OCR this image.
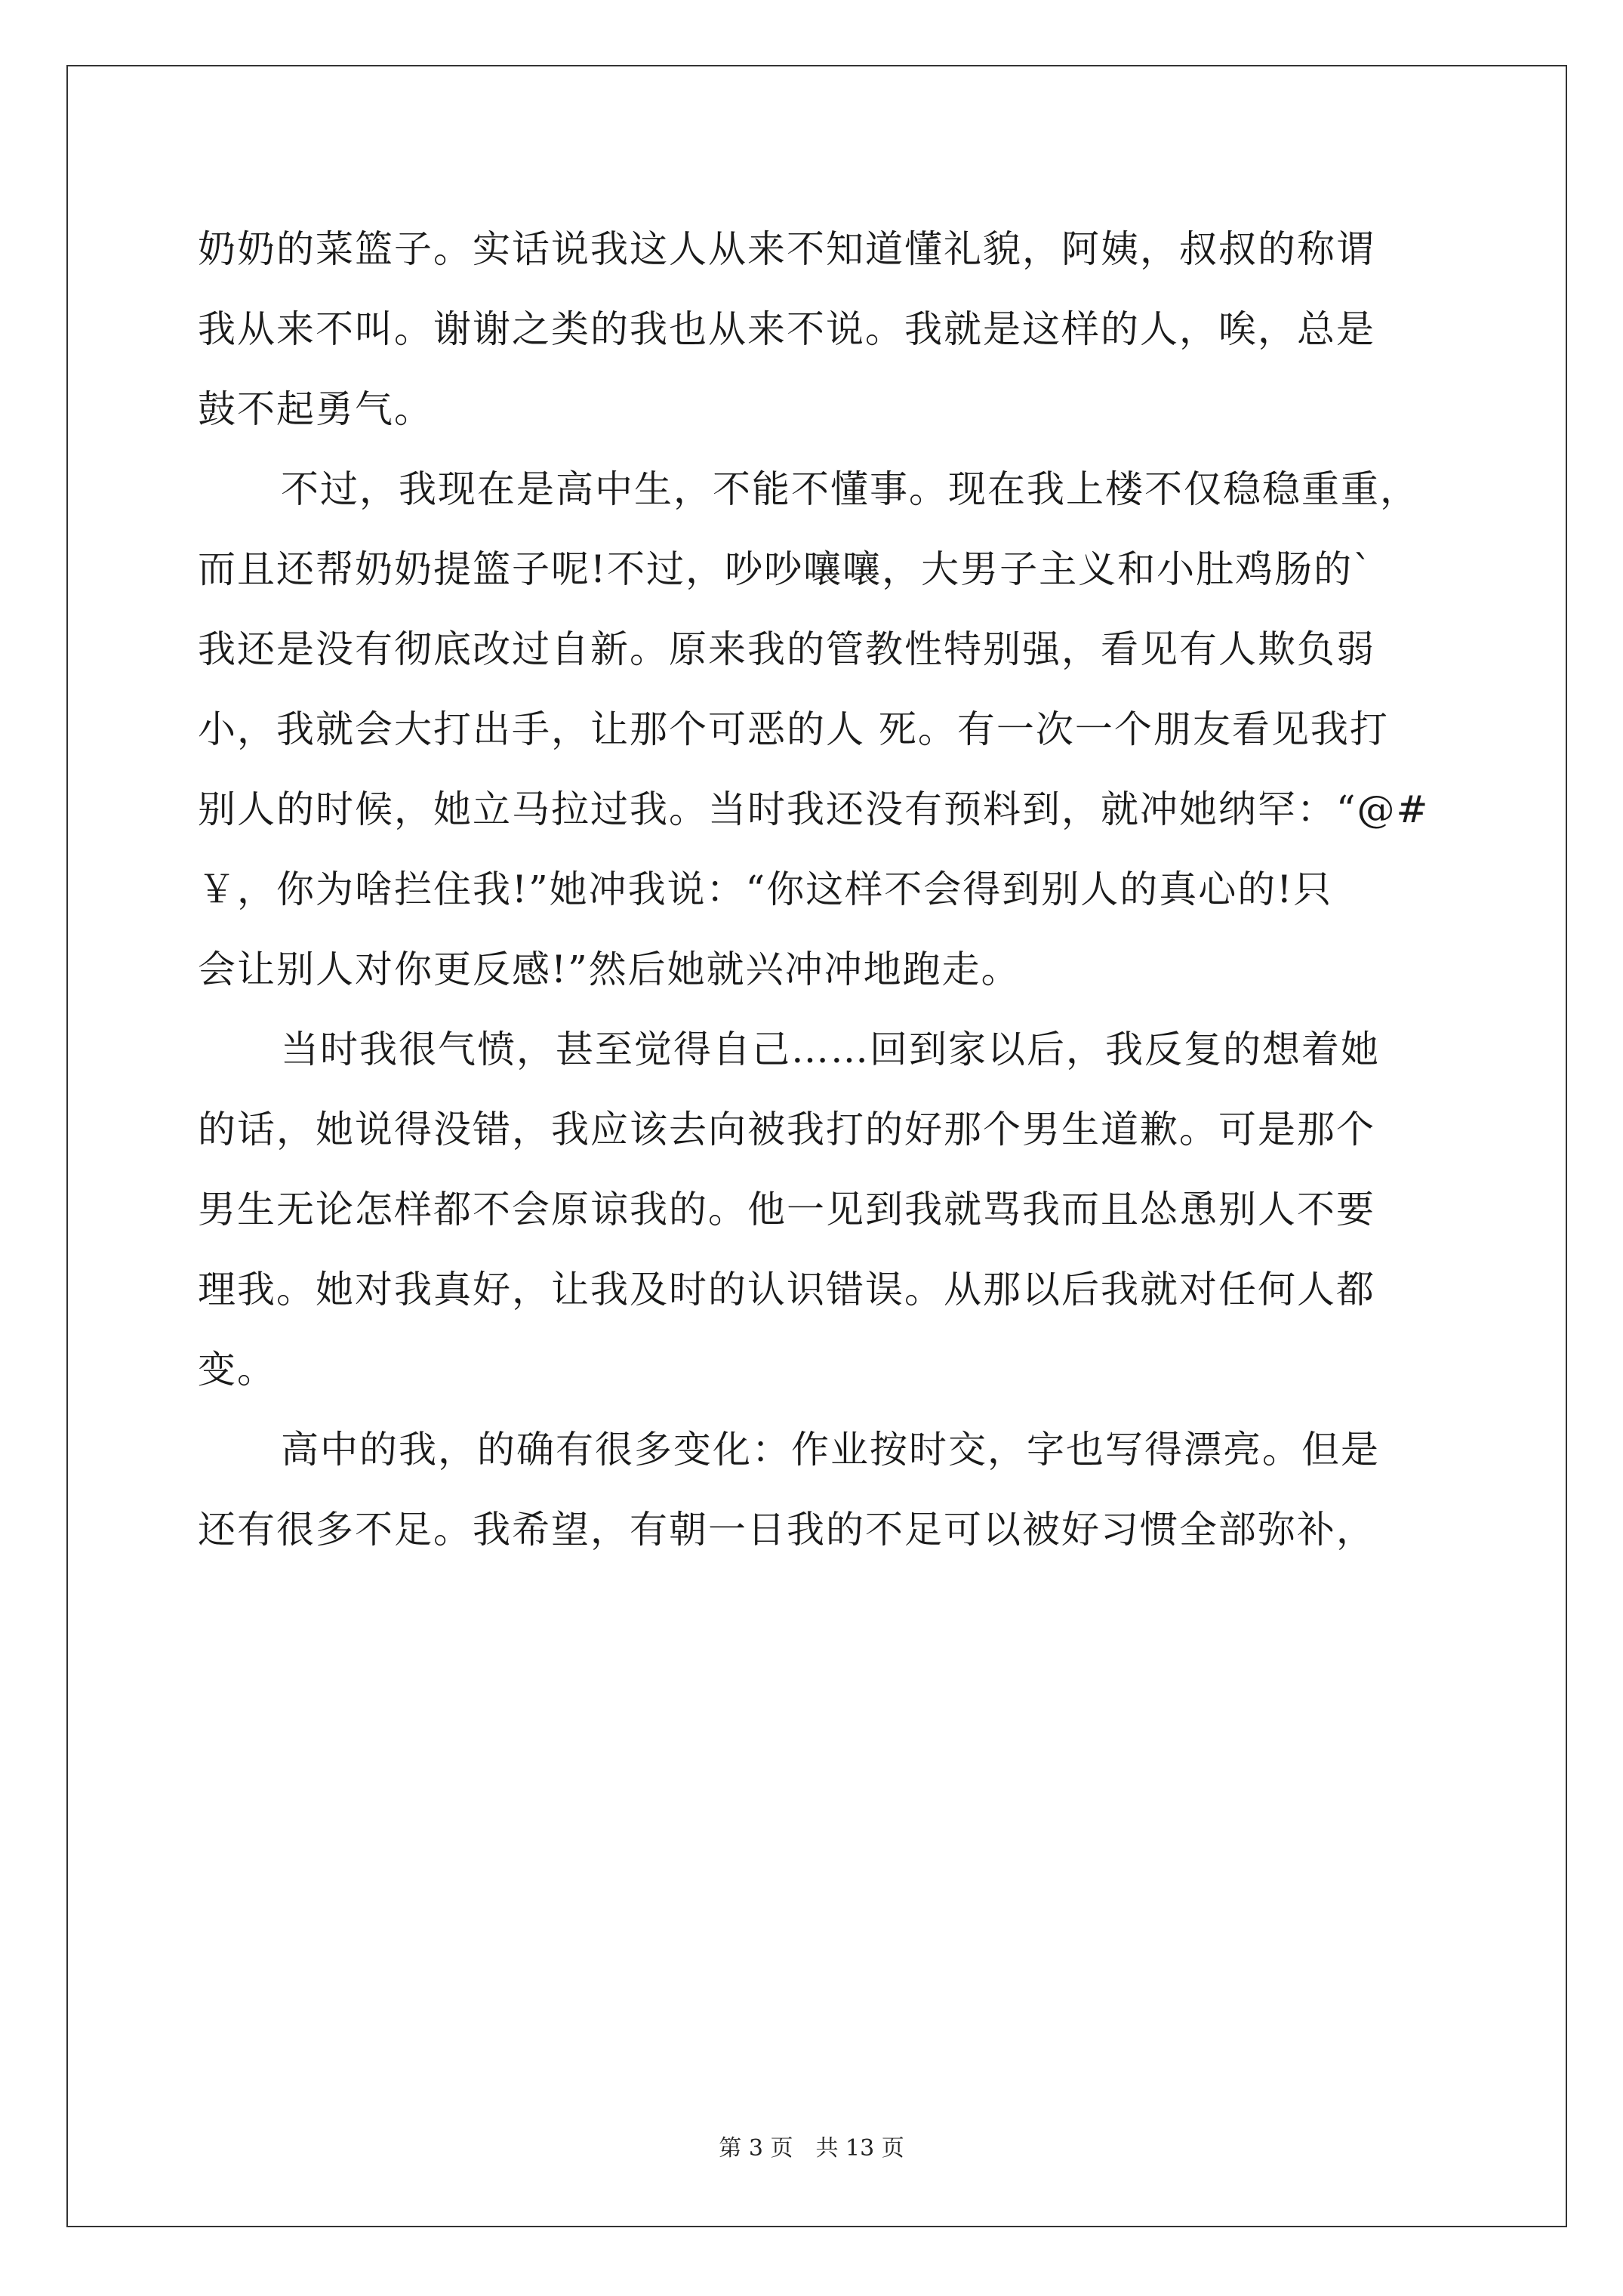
奶奶的菜篮子。实话说我这人从来不知道懂礼貌，阿姨，叔叔的称谓
我从来不叫。谢谢之类的我也从来不说。我就是这样的人，唉，总是
鼓不起勇气。
不过，我现在是高中生，不能不懂事。现在我上楼不仅稳稳重重，
而且还帮奶奶提篮子呢!不过，吵吵嚷嚷，大男子主义和小肚鸡肠的`
我还是没有彻底改过自新。原来我的管教性特别强，看见有人欺负弱
小，我就会大打出手，让那个可恶的人 死。有一次一个朋友看见我打
别人的时候，她立马拉过我。当时我还没有预料到，就冲她纳罕：“@#
￥，你为啥拦住我!”她冲我说：“你这样不会得到别人的真心的!只
会让别人对你更反感!”然后她就兴冲冲地跑走。
当时我很气愤，甚至觉得自己……回到家以后，我反复的想着她
的话，她说得没错，我应该去向被我打的好那个男生道歉。可是那个
男生无论怎样都不会原谅我的。他一见到我就骂我而且怂恿别人不要
理我。她对我真好，让我及时的认识错误。从那以后我就对任何人都
变。
高中的我，的确有很多变化：作业按时交，字也写得漂亮。但是
还有很多不足。我希望，有朝一日我的不足可以被好习惯全部弥补，
第 3 页　共 13 页
